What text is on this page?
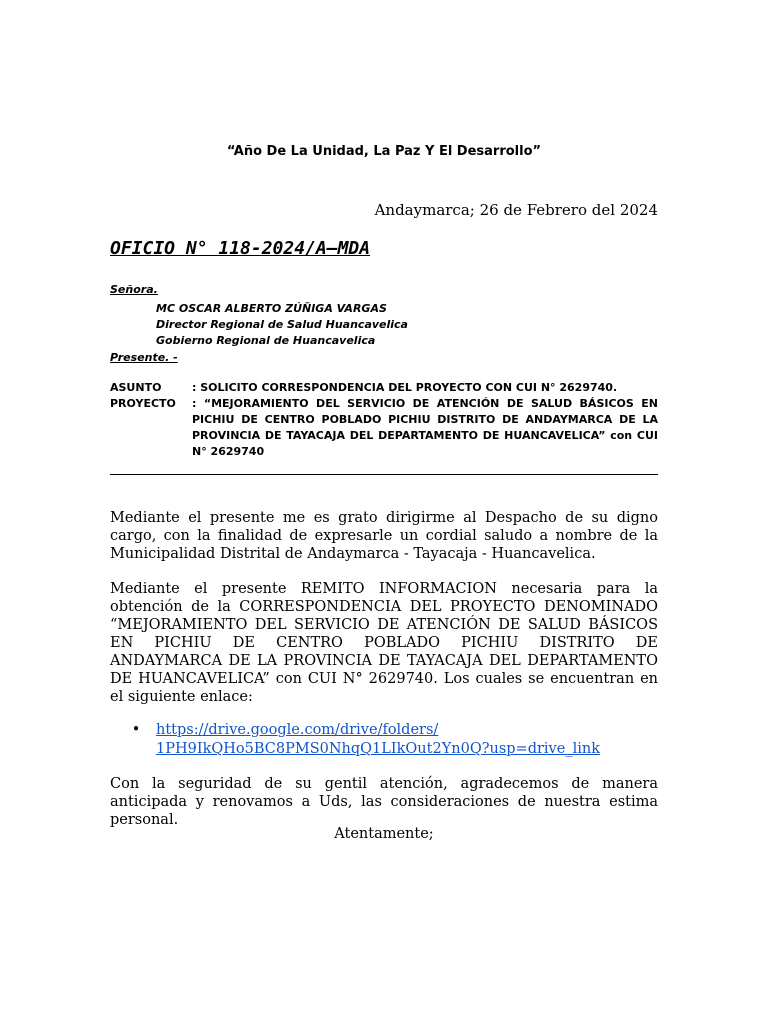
“Año De La Unidad, La Paz Y El Desarrollo”
Andaymarca; 26 de Febrero del 2024
OFICIO N° 118-2024/A–MDA
Señora.
MC OSCAR ALBERTO ZÚÑIGA VARGAS
Director Regional de Salud Huancavelica
Gobierno Regional de Huancavelica
Presente. -
ASUNTO	: SOLICITO CORRESPONDENCIA DEL PROYECTO CON CUI N° 2629740.
PROYECTO	: “MEJORAMIENTO DEL SERVICIO DE ATENCIÓN DE SALUD BÁSICOS EN PICHIU DE CENTRO POBLADO PICHIU DISTRITO DE ANDAYMARCA DE LA PROVINCIA DE TAYACAJA DEL DEPARTAMENTO DE HUANCAVELICA” con CUI N° 2629740
Mediante el presente me es grato dirigirme al Despacho de su digno cargo, con la finalidad de expresarle un cordial saludo a nombre de la Municipalidad Distrital de Andaymarca - Tayacaja - Huancavelica.
Mediante el presente REMITO INFORMACION necesaria para la obtención de la CORRESPONDENCIA DEL PROYECTO DENOMINADO “MEJORAMIENTO DEL SERVICIO DE ATENCIÓN DE SALUD BÁSICOS EN PICHIU DE CENTRO POBLADO PICHIU DISTRITO DE ANDAYMARCA DE LA PROVINCIA DE TAYACAJA DEL DEPARTAMENTO DE HUANCAVELICA” con CUI N° 2629740. Los cuales se encuentran en el siguiente enlace:
•	https://drive.google.com/drive/folders/
1PH9IkQHo5BC8PMS0NhqQ1LIkOut2Yn0Q?usp=drive_link
Con la seguridad de su gentil atención, agradecemos de manera anticipada y renovamos a Uds, las consideraciones de nuestra estima personal.
Atentamente;
